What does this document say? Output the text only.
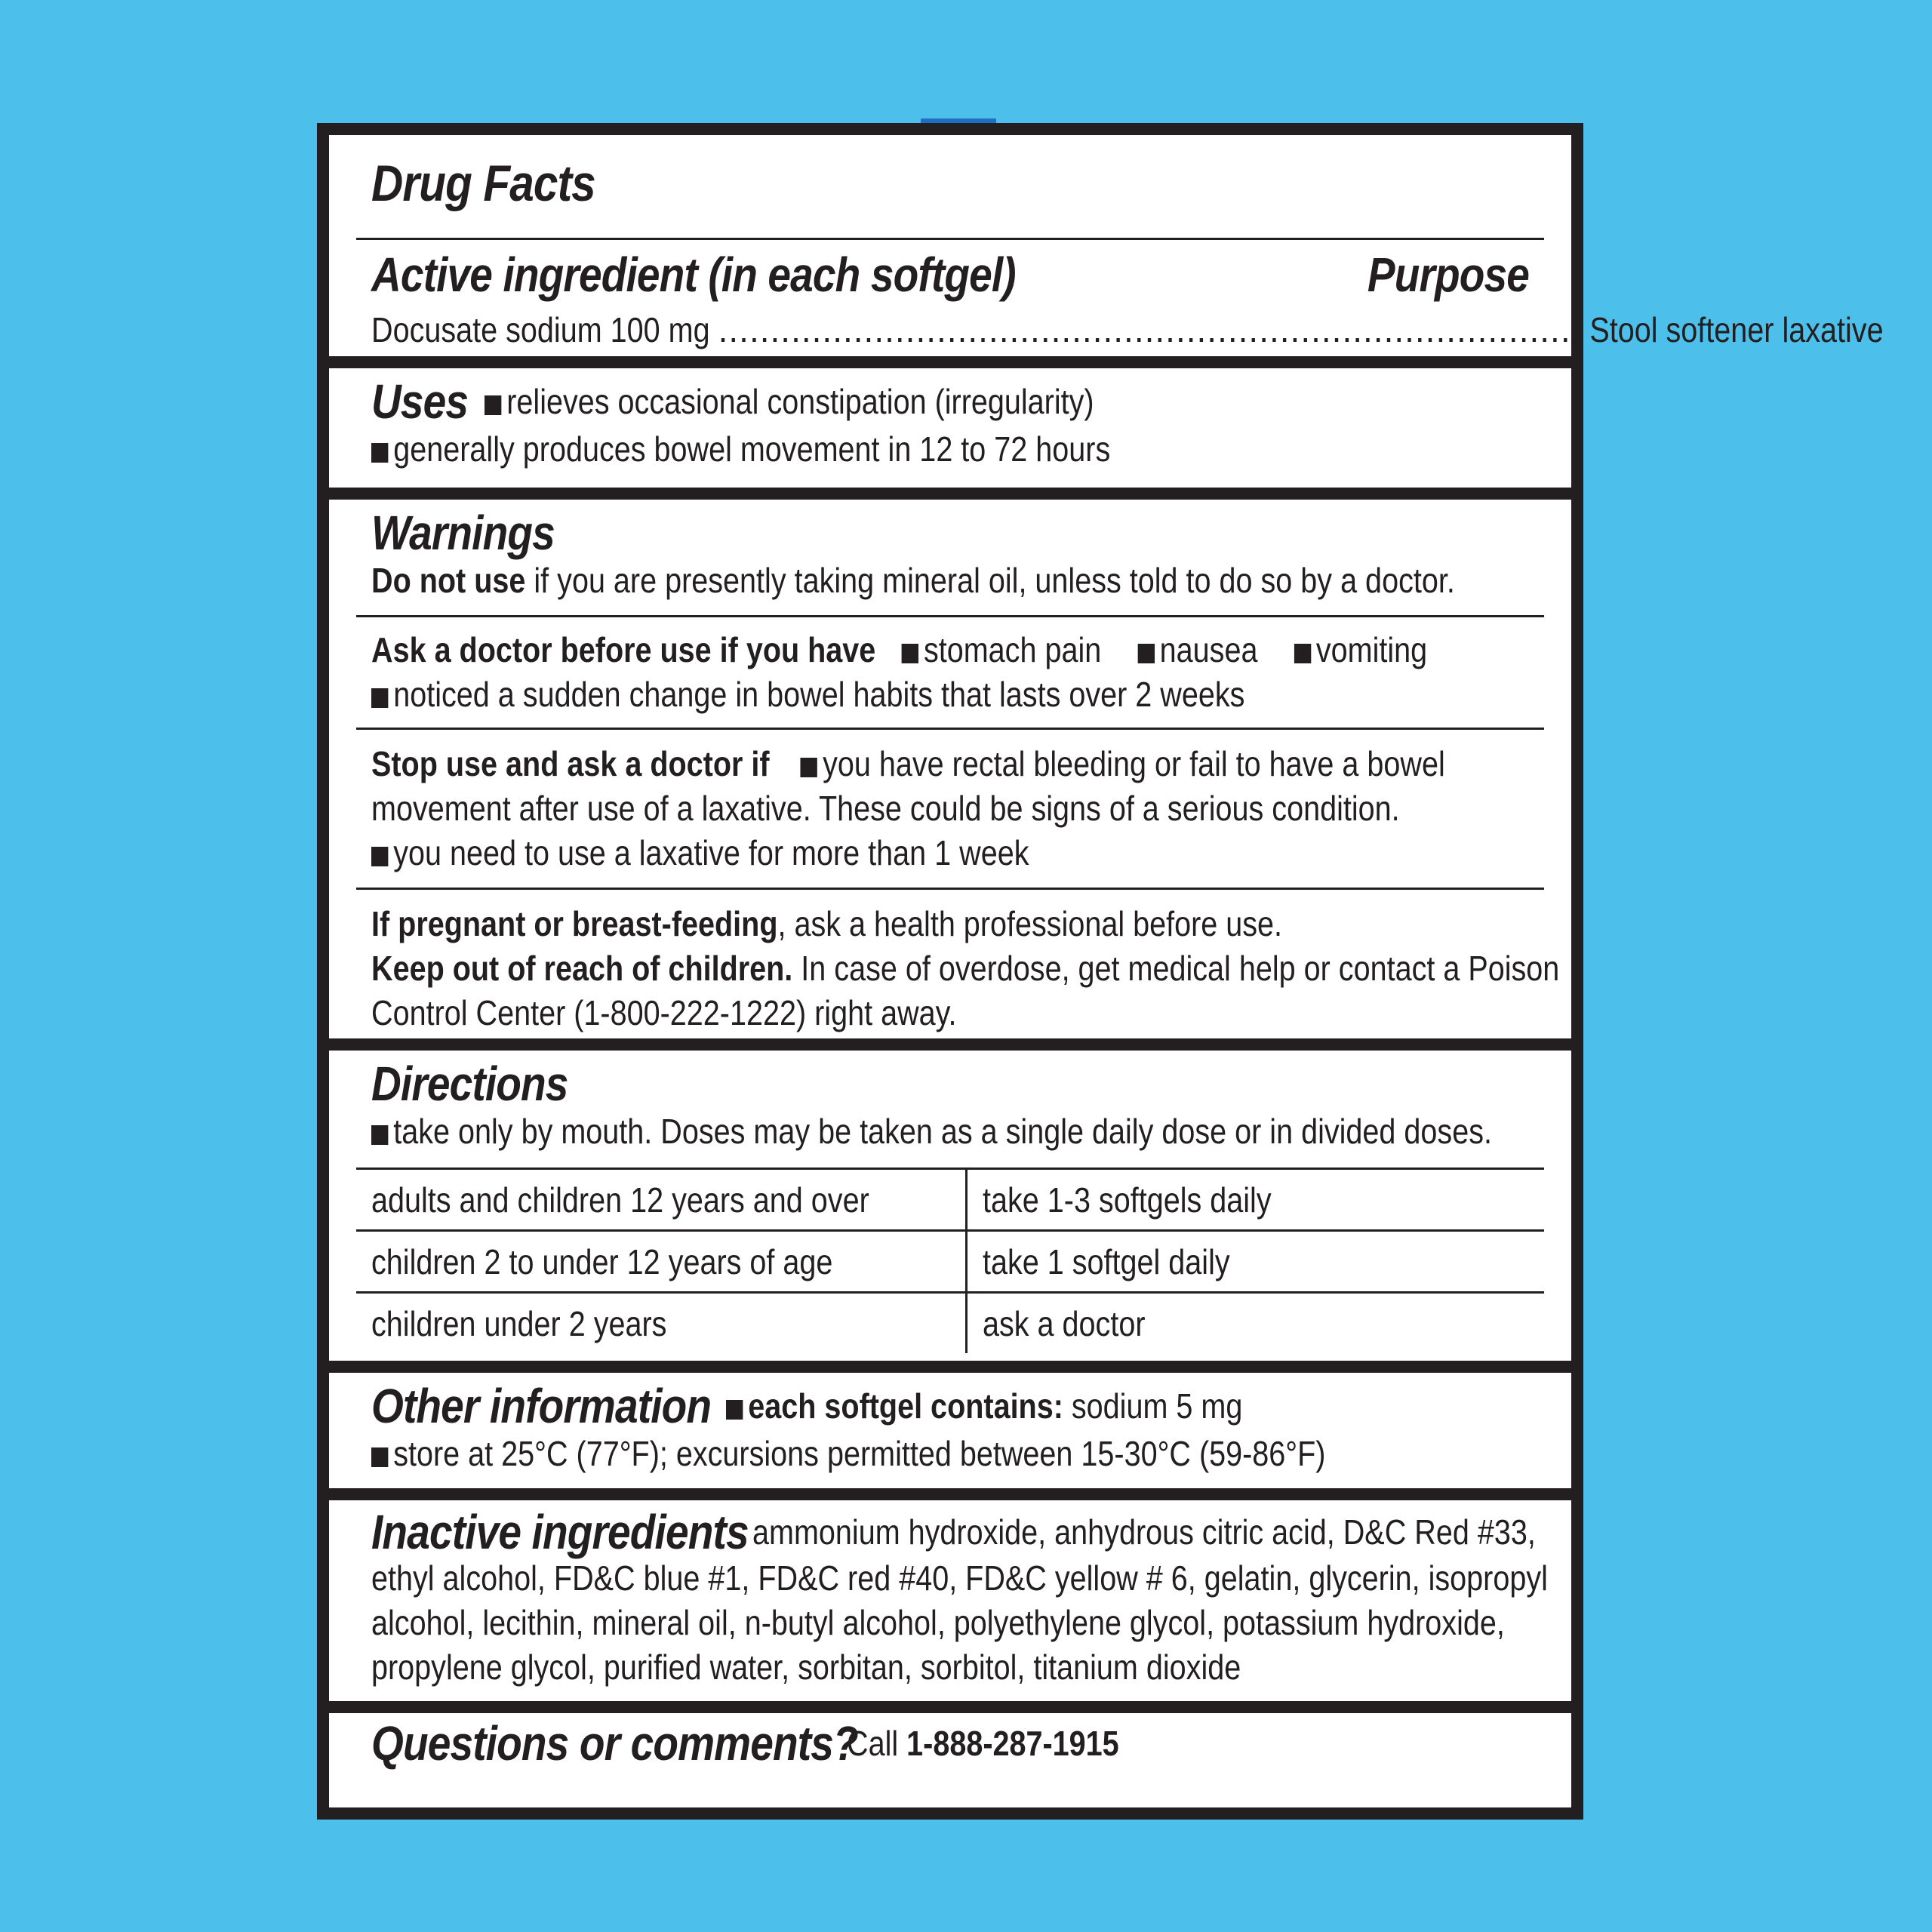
Drug Facts
Active ingredient (in each softgel)	Purpose
Docusate sodium 100 mg ................................................................................... Stool softener laxative
Uses	relieves occasional constipation (irregularity)
generally produces bowel movement in 12 to 72 hours
Warnings
Do not use if you are presently taking mineral oil, unless told to do so by a doctor.
Ask a doctor before use if you have stomach pain nausea vomiting
noticed a sudden change in bowel habits that lasts over 2 weeks
Stop use and ask a doctor if you have rectal bleeding or fail to have a bowel
movement after use of a laxative. These could be signs of a serious condition.
you need to use a laxative for more than 1 week
If pregnant or breast-feeding, ask a health professional before use.
Keep out of reach of children. In case of overdose, get medical help or contact a Poison
Control Center (1-800-222-1222) right away.
Directions
take only by mouth. Doses may be taken as a single daily dose or in divided doses.
adults and children 12 years and over	take 1-3 softgels daily
children 2 to under 12 years of age	take 1 softgel daily
children under 2 years	ask a doctor
Other information	each softgel contains: sodium 5 mg
store at 25°C (77°F); excursions permitted between 15-30°C (59-86°F)
Inactive ingredients ammonium hydroxide, anhydrous citric acid, D&C Red #33,
ethyl alcohol, FD&C blue #1, FD&C red #40, FD&C yellow # 6, gelatin, glycerin, isopropyl
alcohol, lecithin, mineral oil, n-butyl alcohol, polyethylene glycol, potassium hydroxide,
propylene glycol, purified water, sorbitan, sorbitol, titanium dioxide
Questions or comments?
Call 1-888-287-1915
